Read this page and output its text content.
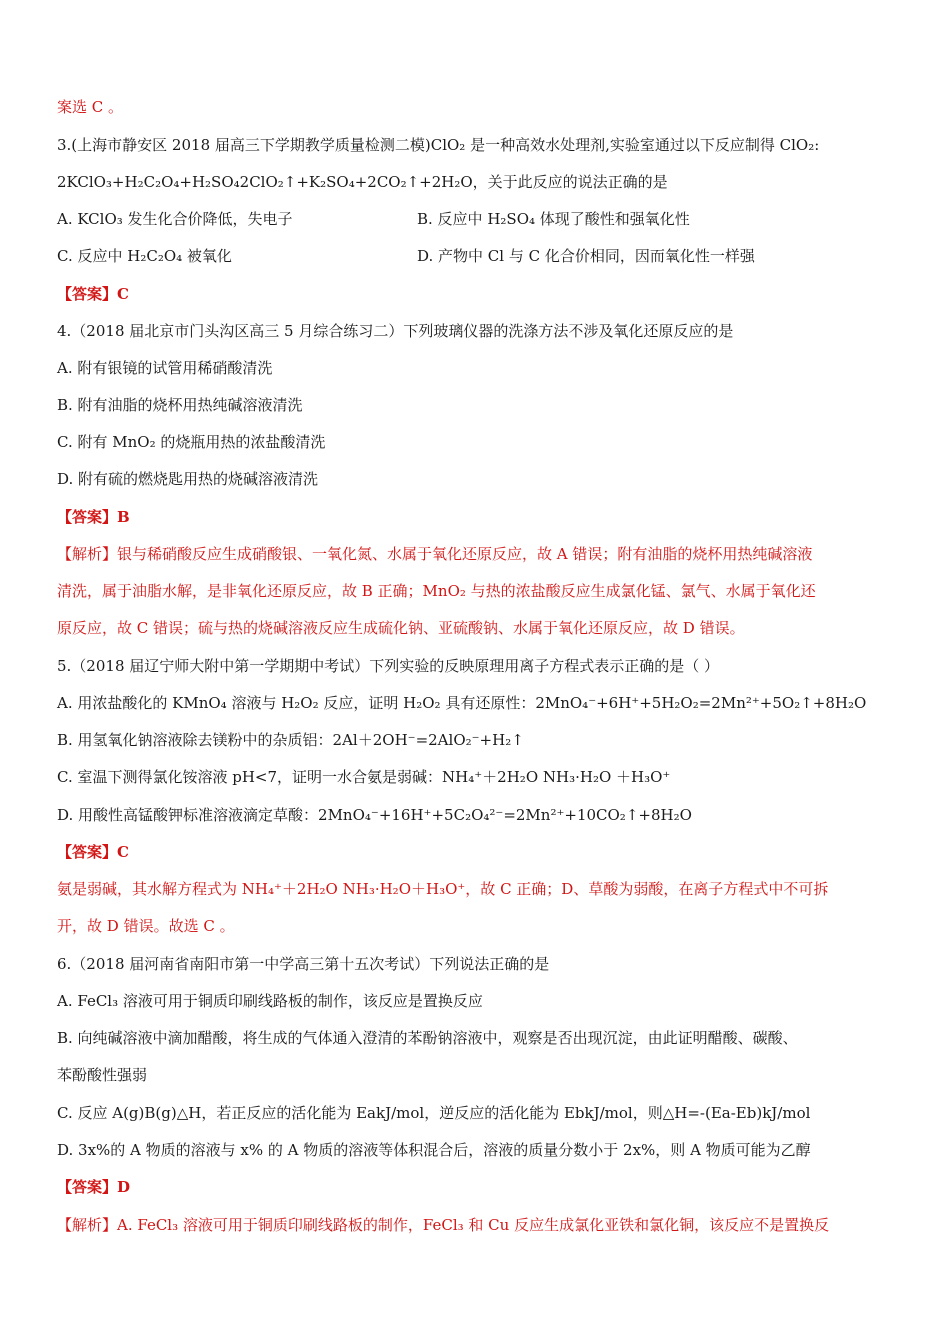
案选 C 。
3.(上海市静安区 2018 届高三下学期教学质量检测二模)ClO₂ 是一种高效水处理剂,实验室通过以下反应制得 ClO₂:
2KClO₃+H₂C₂O₄+H₂SO₄2ClO₂↑+K₂SO₄+2CO₂↑+2H₂O，关于此反应的说法正确的是
A. KClO₃ 发生化合价降低，失电子	B. 反应中 H₂SO₄ 体现了酸性和强氧化性
C. 反应中 H₂C₂O₄ 被氧化	D. 产物中 Cl 与 C 化合价相同，因而氧化性一样强
【答案】C
4.（2018 届北京市门头沟区高三 5 月综合练习二）下列玻璃仪器的洗涤方法不涉及氧化还原反应的是
A. 附有银镜的试管用稀硝酸清洗
B. 附有油脂的烧杯用热纯碱溶液清洗
C. 附有 MnO₂ 的烧瓶用热的浓盐酸清洗
D. 附有硫的燃烧匙用热的烧碱溶液清洗
【答案】B
【解析】银与稀硝酸反应生成硝酸银、一氧化氮、水属于氧化还原反应，故 A 错误；附有油脂的烧杯用热纯碱溶液
清洗，属于油脂水解，是非氧化还原反应，故 B 正确；MnO₂ 与热的浓盐酸反应生成氯化锰、氯气、水属于氧化还
原反应，故 C 错误；硫与热的烧碱溶液反应生成硫化钠、亚硫酸钠、水属于氧化还原反应，故 D 错误。
5.（2018 届辽宁师大附中第一学期期中考试）下列实验的反映原理用离子方程式表示正确的是（ ）
A. 用浓盐酸化的 KMnO₄ 溶液与 H₂O₂ 反应，证明 H₂O₂ 具有还原性：2MnO₄⁻+6H⁺+5H₂O₂=2Mn²⁺+5O₂↑+8H₂O
B. 用氢氧化钠溶液除去镁粉中的杂质铝：2Al＋2OH⁻=2AlO₂⁻+H₂↑
C. 室温下测得氯化铵溶液 pH<7，证明一水合氨是弱碱：NH₄⁺＋2H₂O NH₃·H₂O ＋H₃O⁺
D. 用酸性高锰酸钾标准溶液滴定草酸：2MnO₄⁻+16H⁺+5C₂O₄²⁻=2Mn²⁺+10CO₂↑+8H₂O
【答案】C
氨是弱碱，其水解方程式为 NH₄⁺＋2H₂O NH₃·H₂O＋H₃O⁺，故 C 正确；D、草酸为弱酸，在离子方程式中不可拆
开，故 D 错误。故选 C 。
6.（2018 届河南省南阳市第一中学高三第十五次考试）下列说法正确的是
A. FeCl₃ 溶液可用于铜质印刷线路板的制作，该反应是置换反应
B. 向纯碱溶液中滴加醋酸，将生成的气体通入澄清的苯酚钠溶液中，观察是否出现沉淀，由此证明醋酸、碳酸、
苯酚酸性强弱
C. 反应 A(g)B(g)△H，若正反应的活化能为 EakJ/mol，逆反应的活化能为 EbkJ/mol，则△H=-(Ea-Eb)kJ/mol
D. 3x%的 A 物质的溶液与 x% 的 A 物质的溶液等体积混合后，溶液的质量分数小于 2x%，则 A 物质可能为乙醇
【答案】D
【解析】A. FeCl₃ 溶液可用于铜质印刷线路板的制作，FeCl₃ 和 Cu 反应生成氯化亚铁和氯化铜，该反应不是置换反
